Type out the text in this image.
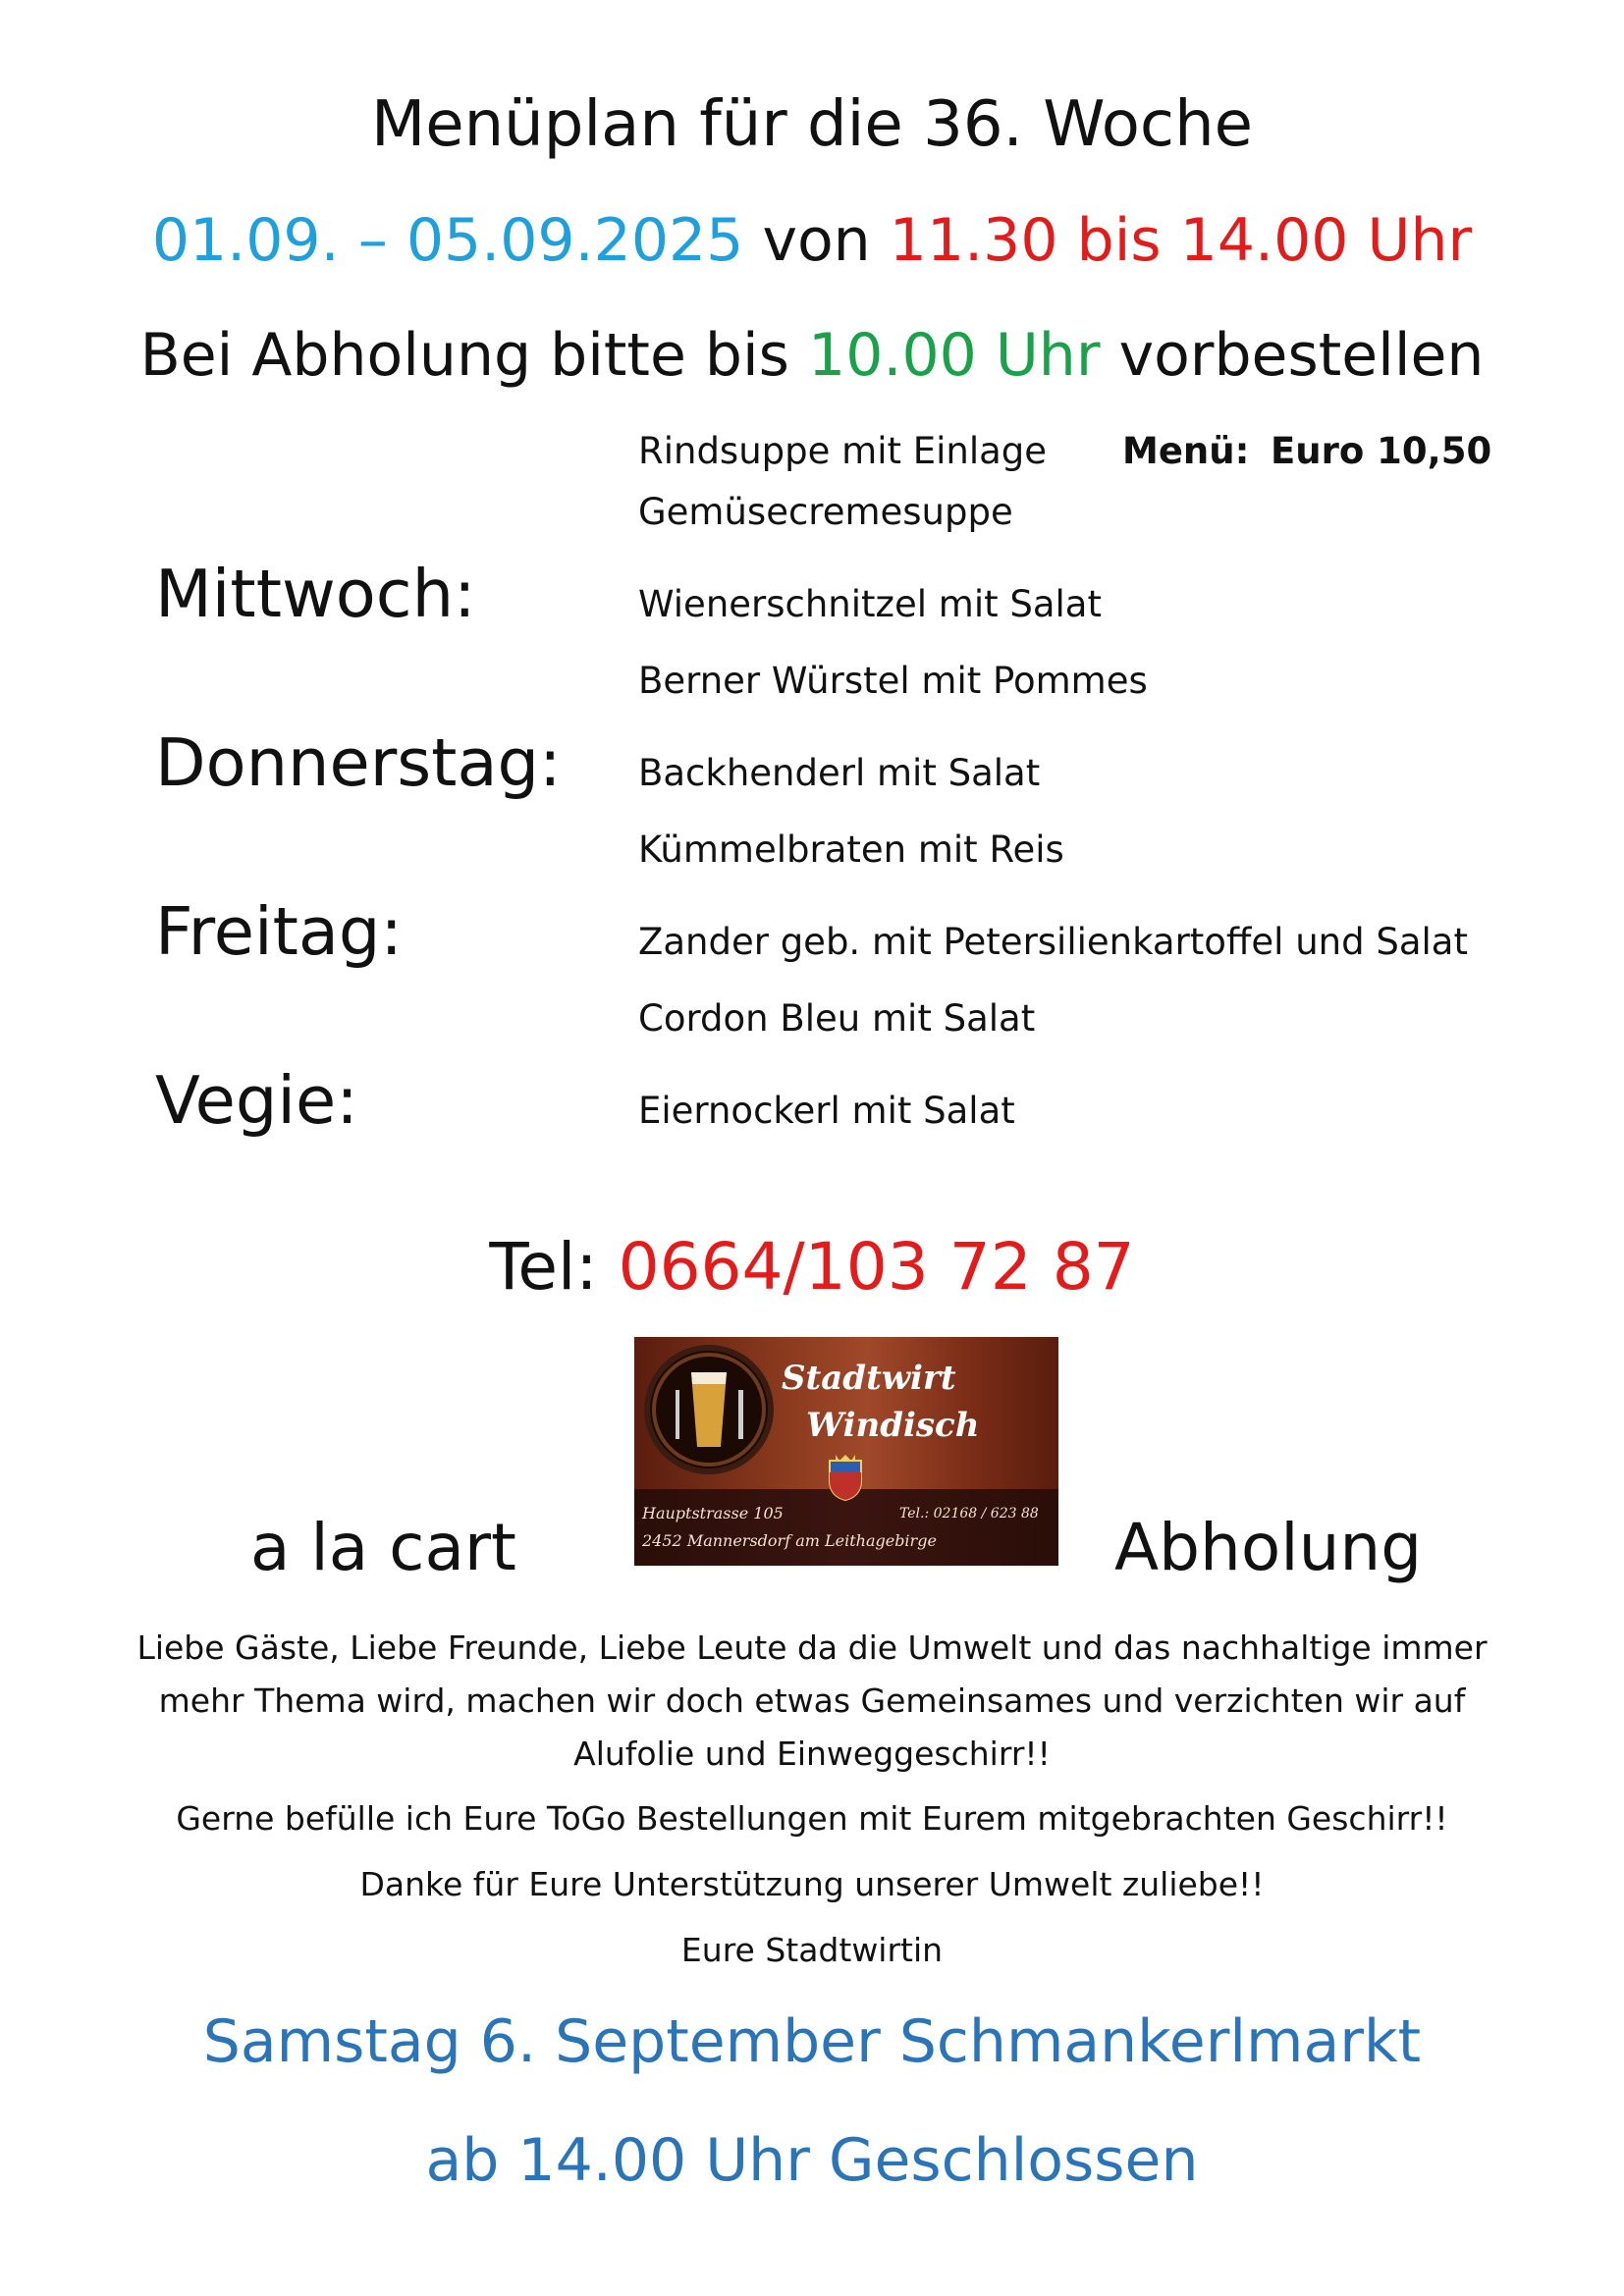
Menüplan für die 36. Woche
01.09. – 05.09.2025 von 11.30 bis 14.00 Uhr
Bei Abholung bitte bis 10.00 Uhr vorbestellen
Rindsuppe mit Einlage
Gemüsecremesuppe
Menü: Euro 10,50
Mittwoch:	Wienerschnitzel mit Salat
Berner Würstel mit Pommes
Donnerstag: Backhenderl mit Salat
Kümmelbraten mit Reis
Freitag:	Zander geb. mit Petersilienkartoffel und Salat
Cordon Bleu mit Salat
Vegie:	Eiernockerl mit Salat
Tel: 0664/103 72 87
a la cart	Abholung
Stadtwirt
Windisch
Hauptstrasse 105	Tel.: 02168 / 623 88
2452 Mannersdorf am Leithagebirge
Liebe Gäste, Liebe Freunde, Liebe Leute da die Umwelt und das nachhaltige immer
mehr Thema wird, machen wir doch etwas Gemeinsames und verzichten wir auf
Alufolie und Einweggeschirr!!
Gerne befülle ich Eure ToGo Bestellungen mit Eurem mitgebrachten Geschirr!!
Danke für Eure Unterstützung unserer Umwelt zuliebe!!
Eure Stadtwirtin
Samstag 6. September Schmankerlmarkt
ab 14.00 Uhr Geschlossen
